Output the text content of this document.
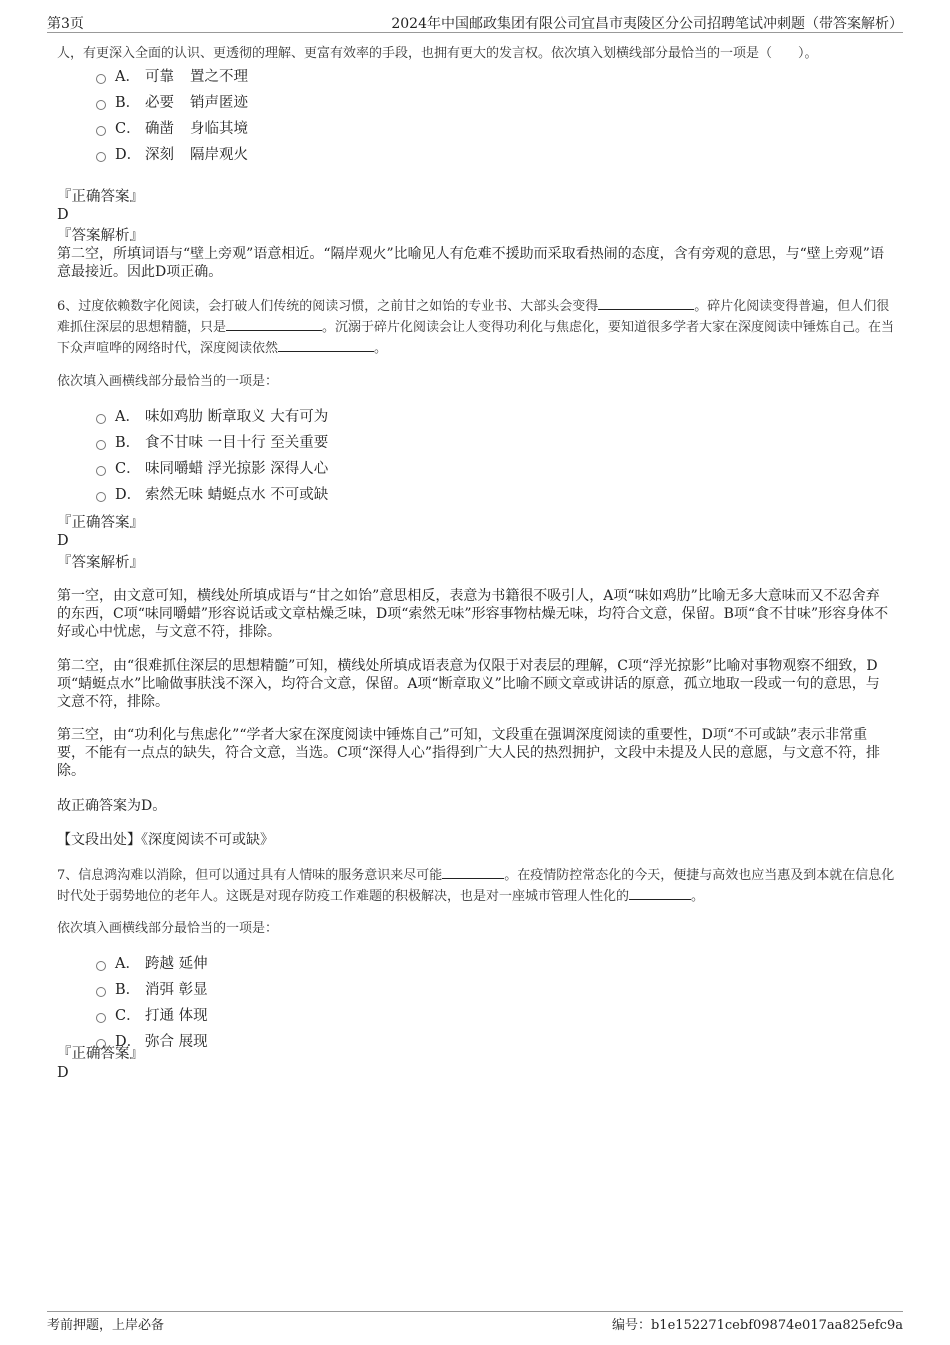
第3页	2024年中国邮政集团有限公司宜昌市夷陵区分公司招聘笔试冲刺题（带答案解析）
人，有更深入全面的认识、更透彻的理解、更富有效率的手段，也拥有更大的发言权。依次填入划横线部分最恰当的一项是（　　）。
A． 可靠 置之不理
B． 必要 销声匿迹
C． 确凿 身临其境
D． 深刻 隔岸观火
『正确答案』
D
『答案解析』
第二空，所填词语与“壁上旁观”语意相近。“隔岸观火”比喻见人有危难不援助而采取看热闹的态度，含有旁观的意思，与“壁上旁观”语意最接近。因此D项正确。
6、过度依赖数字化阅读，会打破人们传统的阅读习惯，之前甘之如饴的专业书、大部头会变得	。碎片化阅读变得普遍，但人们很难抓住深层的思想精髓，只是	。沉溺于碎片化阅读会让人变得功利化与焦虑化，要知道很多学者大家在深度阅读中锤炼自己。在当下众声喧哗的网络时代，深度阅读依然	。
依次填入画横线部分最恰当的一项是：
A． 味如鸡肋 断章取义 大有可为
B． 食不甘味 一目十行 至关重要
C． 味同嚼蜡 浮光掠影 深得人心
D． 索然无味 蜻蜓点水 不可或缺
『正确答案』
D
『答案解析』
第一空，由文意可知，横线处所填成语与“甘之如饴”意思相反，表意为书籍很不吸引人，A项“味如鸡肋”比喻无多大意味而又不忍舍弃的东西，C项“味同嚼蜡”形容说话或文章枯燥乏味，D项“索然无味”形容事物枯燥无味，均符合文意，保留。B项“食不甘味”形容身体不好或心中忧虑，与文意不符，排除。
第二空，由“很难抓住深层的思想精髓”可知，横线处所填成语表意为仅限于对表层的理解，C项“浮光掠影”比喻对事物观察不细致，D项“蜻蜓点水”比喻做事肤浅不深入，均符合文意，保留。A项“断章取义”比喻不顾文章或讲话的原意，孤立地取一段或一句的意思，与文意不符，排除。
第三空，由“功利化与焦虑化”“学者大家在深度阅读中锤炼自己”可知，文段重在强调深度阅读的重要性，D项“不可或缺”表示非常重要，不能有一点点的缺失，符合文意，当选。C项“深得人心”指得到广大人民的热烈拥护，文段中未提及人民的意愿，与文意不符，排除。
故正确答案为D。
【文段出处】《深度阅读不可或缺》
7、信息鸿沟难以消除，但可以通过具有人情味的服务意识来尽可能	。在疫情防控常态化的今天，便捷与高效也应当惠及到本就在信息化时代处于弱势地位的老年人。这既是对现存防疫工作难题的积极解决，也是对一座城市管理人性化的	。
依次填入画横线部分最恰当的一项是：
A． 跨越 延伸
B． 消弭 彰显
C． 打通 体现
D． 弥合 展现
『正确答案』
D
考前押题，上岸必备	编号：b1e152271cebf09874e017aa825efc9a
